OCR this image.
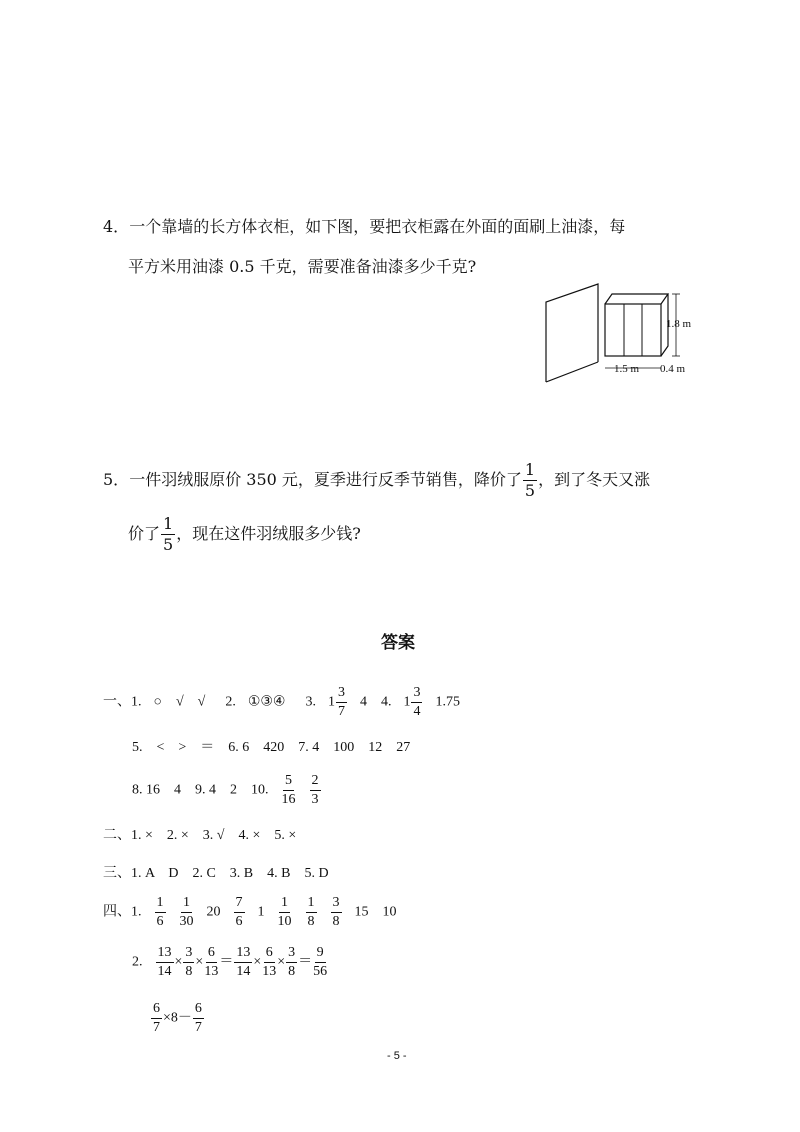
4．一个靠墙的长方体衣柜，如下图，要把衣柜露在外面的面刷上油漆，每
平方米用油漆 0.5 千克，需要准备油漆多少千克?
1.8 m
1.5 m 0.4 m
5．一件羽绒服原价 350 元，夏季进行反季节销售，降价了 $\frac{1}{5}$ ，到了冬天又涨
价了 $\frac{1}{5}$ ，现在这件羽绒服多少钱?
答案
一、1. ○　√　√ 2. ①③④ 3. $1 \frac{3}{7} 4$　4. $1 \frac{3}{4} 1.75$
5.　<　>　＝　6. 6　420　7. 4　100　12　27
8. 16　4　9. 4　2　10. $\frac{5}{16} \frac{2}{3}$
二、1. ×　2. ×　3. √　4. ×　5. ×
三、1. A　D　2. C　3. B　4. B　5. D
四、1. $\frac{1}{6} \frac{1}{30} 20 \frac{7}{6} 1 \frac{1}{10} \frac{1}{8} \frac{3}{8} 15$　10
2. $\frac{13}{14} \times \frac{3}{8} \times \frac{6}{13} = \frac{13}{14} \times \frac{6}{13} \times \frac{3}{8} = \frac{9}{56}$
$\frac{6}{7} \times 8- \frac{6}{7}$
- 5 -
